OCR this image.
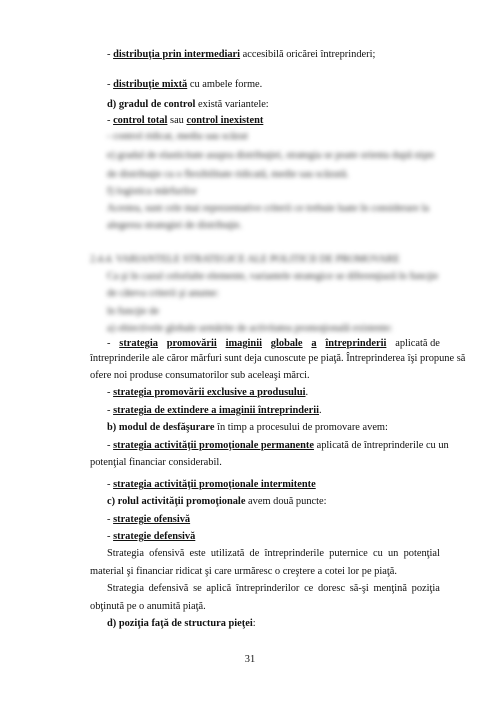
- distribuţia prin intermediari accesibilă oricărei întreprinderi;
- distribuţie mixtă cu ambele forme.
d) gradul de control există variantele:
- control total sau control inexistent
- control ridicat, mediu sau scăzut
e) gradul de elasticitate asupra distribuţiei, strategia se poate orienta după nişte
de distribuţie cu o flexibilitate ridicată, medie sau scăzută.
f) logistica mărfurilor
Acestea, sunt cele mai reprezentative criterii ce trebuie luate în considerare la
alegerea strategiei de distribuţie.
2.4.4. VARIANTELE STRATEGICE ALE POLITICII DE PROMOVARE
Ca şi în cazul celorlalte elemente, variantele strategice se diferenţiază în funcţie
de câteva criterii şi anume:
în funcţie de
a) obiectivele globale urmărite de activitatea promoţională existente:
- strategia promovării imaginii globale a întreprinderii aplicată de
întreprinderile ale căror mărfuri sunt deja cunoscute pe piaţă. Întreprinderea îşi propune să
ofere noi produse consumatorilor sub aceleaşi mărci.
- strategia promovării exclusive a produsului.
- strategia de extindere a imaginii întreprinderii.
b) modul de desfăşurare în timp a procesului de promovare avem:
- strategia activităţii promoţionale permanente aplicată de întreprinderile cu un
potenţial financiar considerabil.
- strategia activităţii promoţionale intermitente
c) rolul activităţii promoţionale avem două puncte:
- strategie ofensivă
- strategie defensivă
Strategia ofensivă este utilizată de întreprinderile puternice cu un potenţial
material şi financiar ridicat şi care urmăresc o creştere a cotei lor pe piaţă.
Strategia defensivă se aplică întreprinderilor ce doresc să-şi menţină poziţia
obţinută pe o anumită piaţă.
d) poziţia faţă de structura pieţei:
31
